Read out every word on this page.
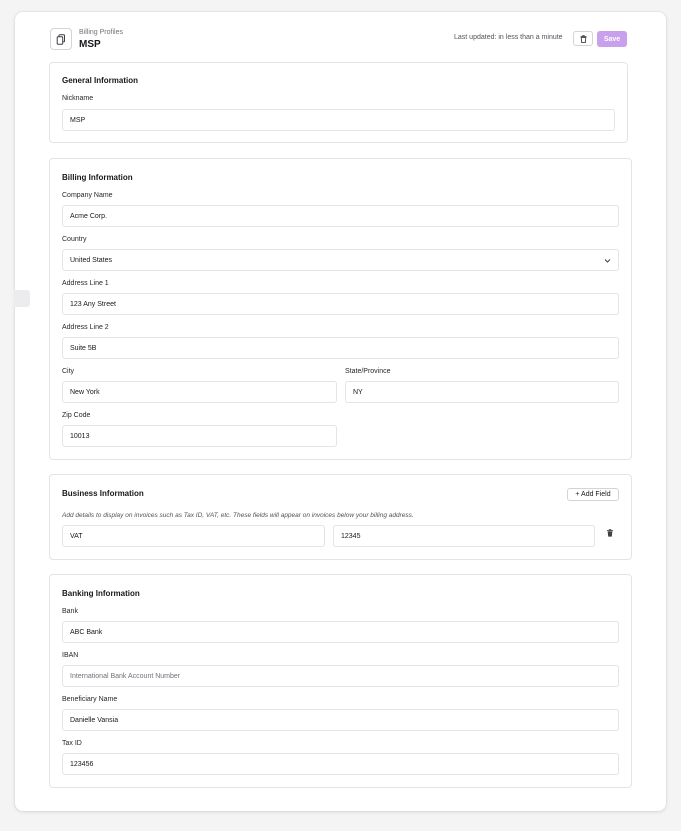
Billing Profiles
MSP
Last updated: in less than a minute	Save
General Information
Nickname
MSP
Billing Information
Company Name
Acme Corp.
Country
United States
Address Line 1
123 Any Street
Address Line 2
Suite 5B
City
New York
State/Province
NY
Zip Code
10013
Business Information	+ Add Field
Add details to display on invoices such as Tax ID, VAT, etc. These fields will appear on invoices below your billing address.
VAT	12345
Banking Information
Bank
ABC Bank
IBAN
International Bank Account Number
Beneficiary Name
Danielle Vansia
Tax ID
123456
